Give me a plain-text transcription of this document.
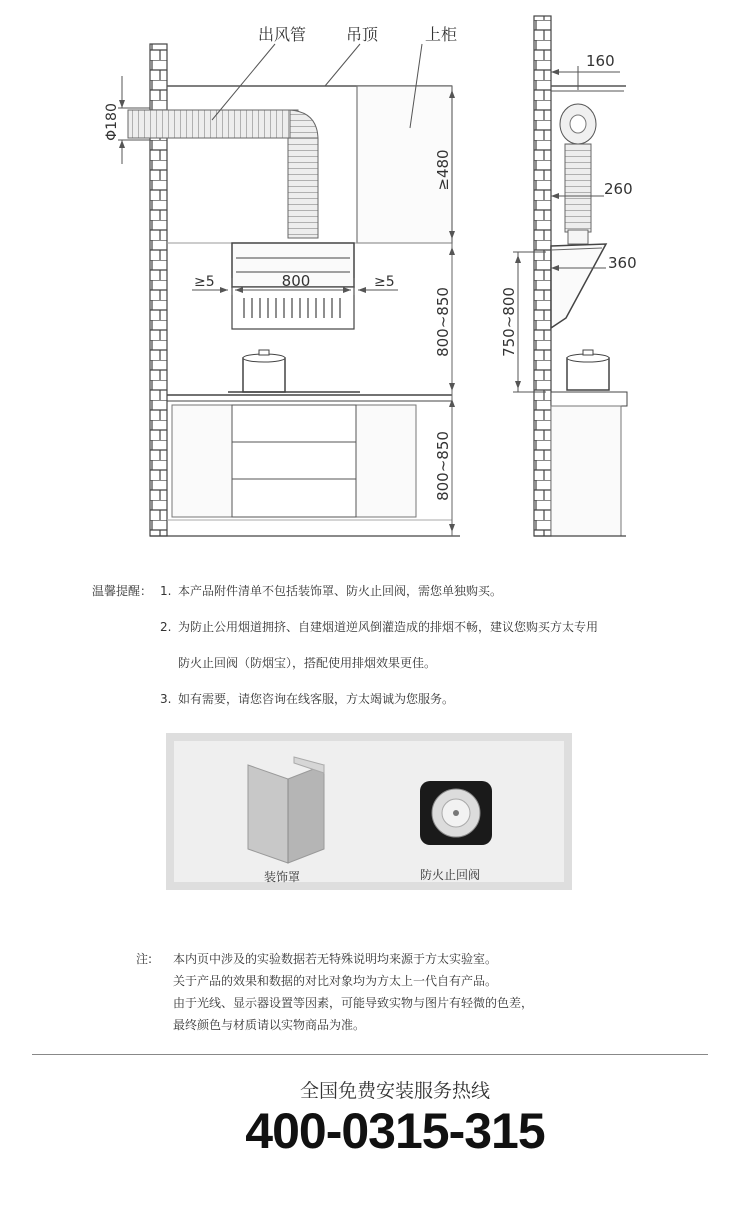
Φ180
800
≥5	≥5
≥480
800~850
800~850
出风管 吊顶	上柜
160
260
360
750~800
温馨提醒： 1. 本产品附件清单不包括装饰罩、防火止回阀，需您单独购买。
2. 为防止公用烟道拥挤、自建烟道逆风倒灌造成的排烟不畅，建议您购买方太专用
防火止回阀（防烟宝），搭配使用排烟效果更佳。
3. 如有需要，请您咨询在线客服，方太竭诚为您服务。
装饰罩	防火止回阀
注: 本内页中涉及的实验数据若无特殊说明均来源于方太实验室。
关于产品的效果和数据的对比对象均为方太上一代自有产品。
由于光线、显示器设置等因素，可能导致实物与图片有轻微的色差，
最终颜色与材质请以实物商品为准。
全国免费安装服务热线
400-0315-315
